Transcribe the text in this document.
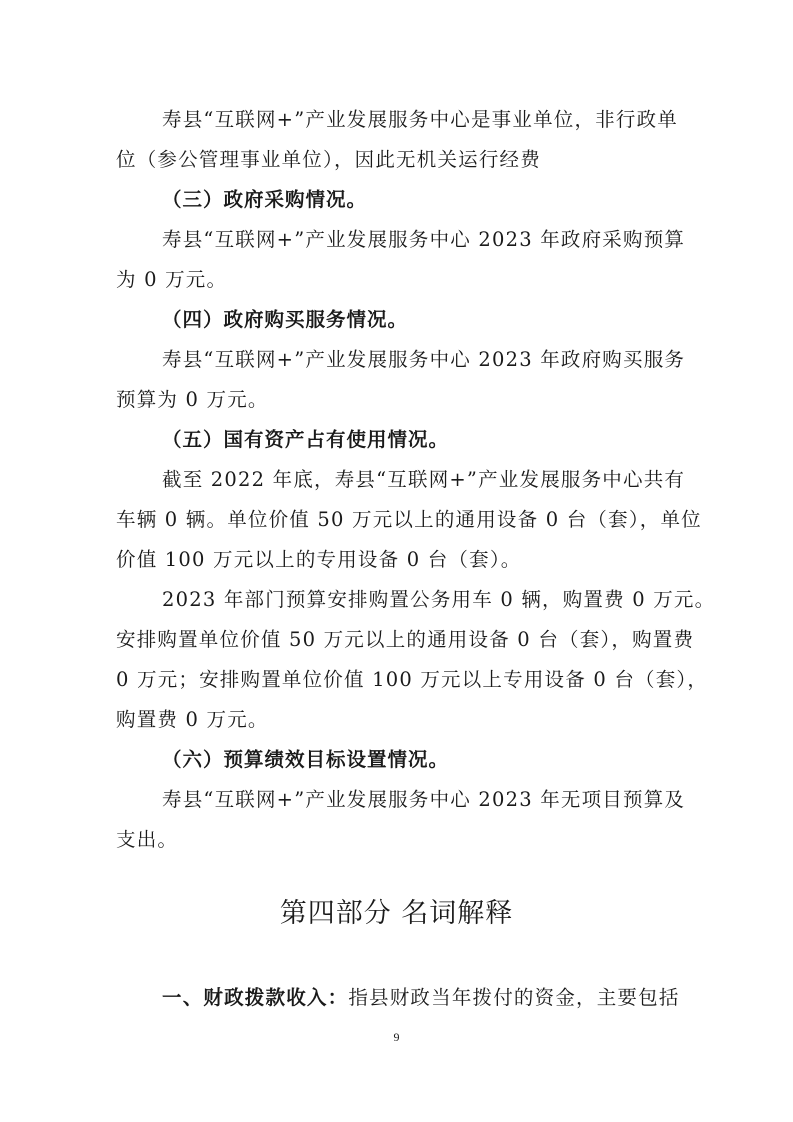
寿县“互联网+”产业发展服务中心是事业单位，非行政单
位（参公管理事业单位），因此无机关运行经费
（三）政府采购情况。
寿县“互联网+”产业发展服务中心 2023 年政府采购预算
为 0 万元。
（四）政府购买服务情况。
寿县“互联网+”产业发展服务中心 2023 年政府购买服务
预算为 0 万元。
（五）国有资产占有使用情况。
截至 2022 年底，寿县“互联网+”产业发展服务中心共有
车辆 0 辆。单位价值 50 万元以上的通用设备 0 台（套），单位
价值 100 万元以上的专用设备 0 台（套）。
2023 年部门预算安排购置公务用车 0 辆，购置费 0 万元。
安排购置单位价值 50 万元以上的通用设备 0 台（套），购置费
0 万元；安排购置单位价值 100 万元以上专用设备 0 台（套），
购置费 0 万元。
（六）预算绩效目标设置情况。
寿县“互联网+”产业发展服务中心 2023 年无项目预算及
支出。
第四部分 名词解释
一、财政拨款收入：指县财政当年拨付的资金，主要包括
9
